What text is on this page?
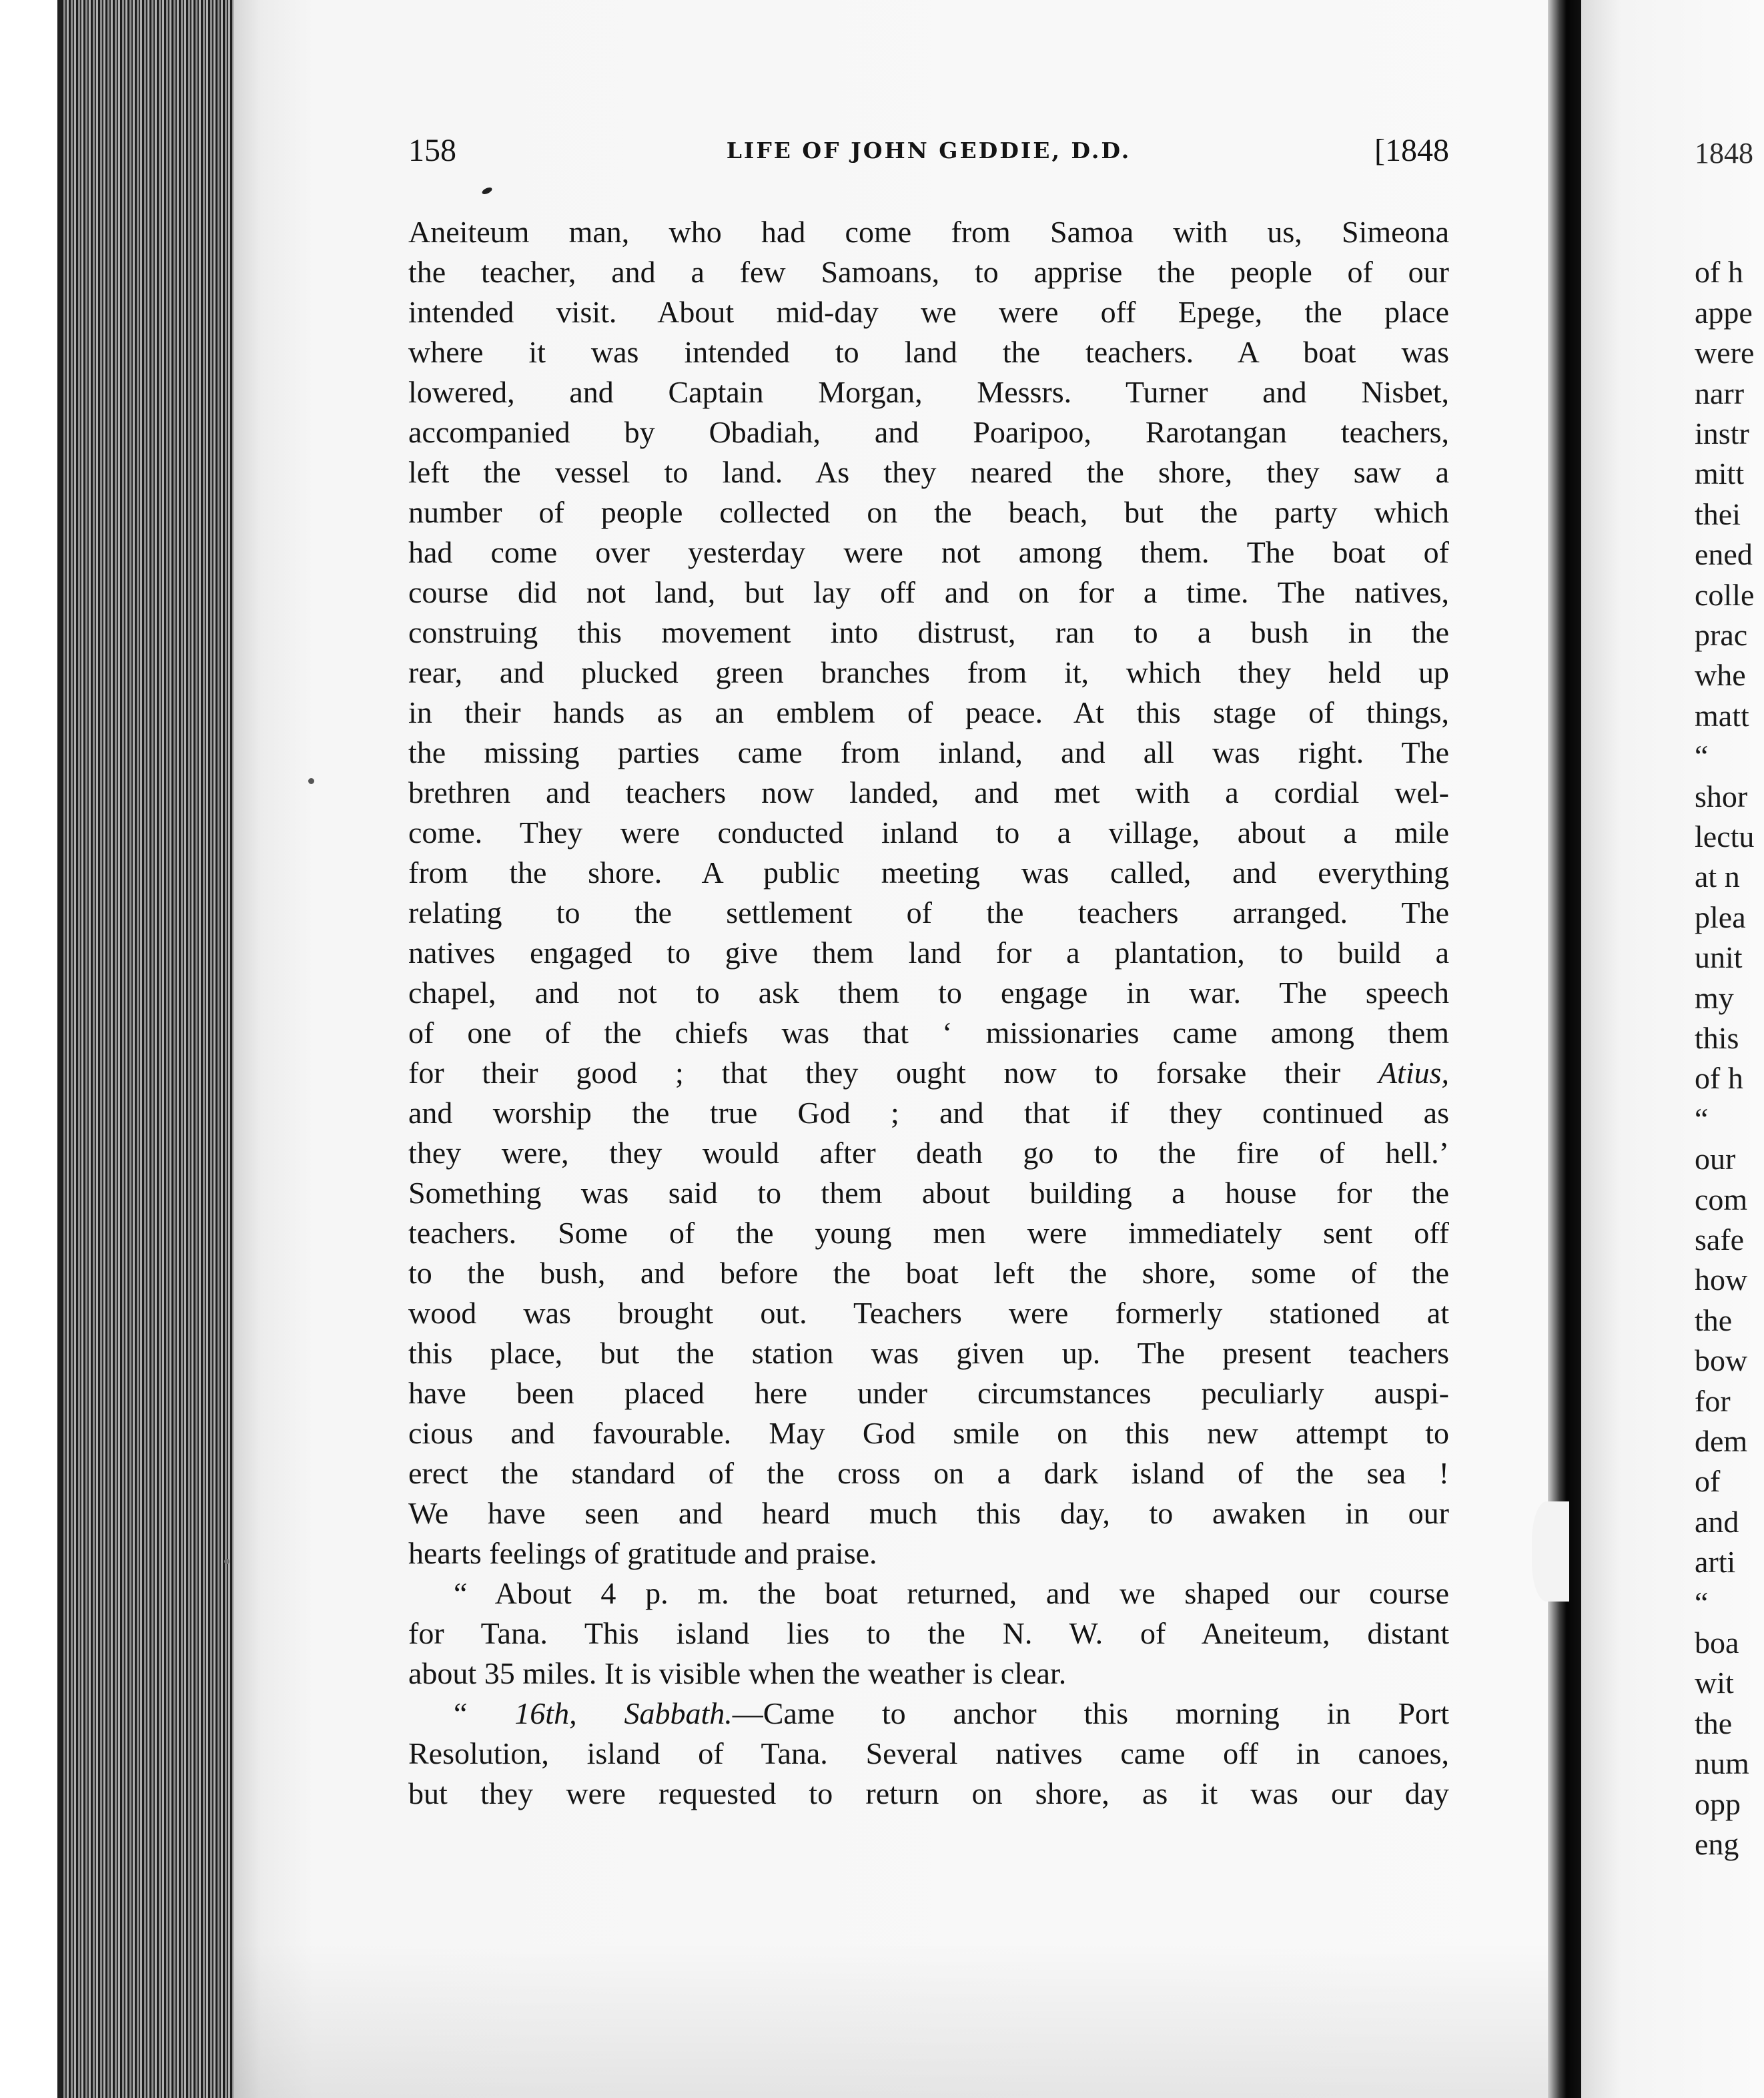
158	LIFE OF JOHN GEDDIE, D.D.	[1848
Aneiteum man, who had come from Samoa with us, Simeona
the teacher, and a few Samoans, to apprise the people of our
intended visit. About mid-day we were off Epege, the place
where it was intended to land the teachers. A boat was
lowered, and Captain Morgan, Messrs. Turner and Nisbet,
accompanied by Obadiah, and Poaripoo, Rarotangan teachers,
left the vessel to land. As they neared the shore, they saw a
number of people collected on the beach, but the party which
had come over yesterday were not among them. The boat of
course did not land, but lay off and on for a time. The natives,
construing this movement into distrust, ran to a bush in the
rear, and plucked green branches from it, which they held up
in their hands as an emblem of peace. At this stage of things,
the missing parties came from inland, and all was right. The
brethren and teachers now landed, and met with a cordial wel-
come. They were conducted inland to a village, about a mile
from the shore. A public meeting was called, and everything
relating to the settlement of the teachers arranged. The
natives engaged to give them land for a plantation, to build a
chapel, and not to ask them to engage in war. The speech
of one of the chiefs was that ‘ missionaries came among them
for their good ; that they ought now to forsake their Atius,
and worship the true God ; and that if they continued as
they were, they would after death go to the fire of hell.’
Something was said to them about building a house for the
teachers. Some of the young men were immediately sent off
to the bush, and before the boat left the shore, some of the
wood was brought out. Teachers were formerly stationed at
this place, but the station was given up. The present teachers
have been placed here under circumstances peculiarly auspi-
cious and favourable. May God smile on this new attempt to
erect the standard of the cross on a dark island of the sea !
We have seen and heard much this day, to awaken in our
hearts feelings of gratitude and praise.
“ About 4 p. m. the boat returned, and we shaped our course
for Tana. This island lies to the N. W. of Aneiteum, distant
about 35 miles. It is visible when the weather is clear.
“ 16th, Sabbath.—Came to anchor this morning in Port
Resolution, island of Tana. Several natives came off in canoes,
but they were requested to return on shore, as it was our day
1848
of h
appe
were
narr
instr
mitt
thei
ened
colle
prac
whe
matt
“
shor
lectu
at n
plea
unit
my
this
of h
“
our
com
safe
how
the
bow
for
dem
of
and
arti
“
boa
wit
the
num
opp
eng
